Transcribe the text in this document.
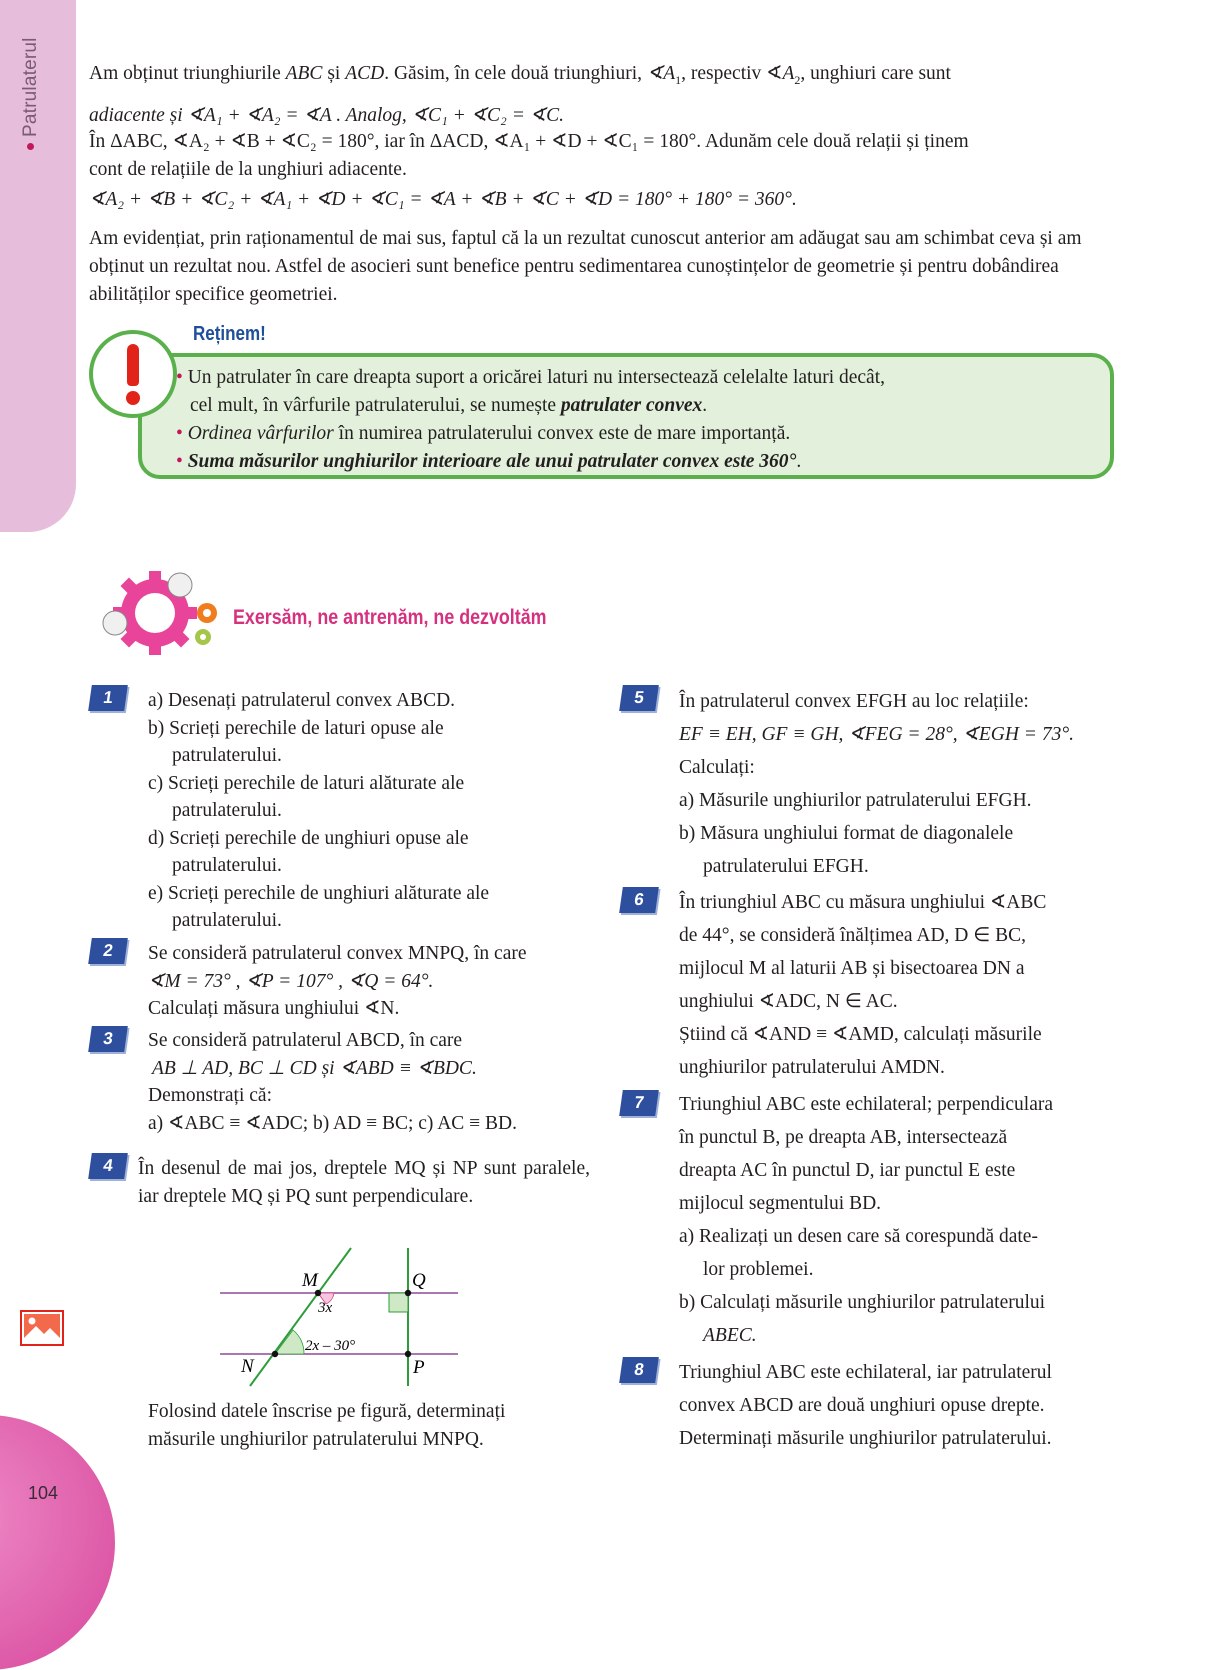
Patrulaterul
104
Am obținut triunghiurile ABC și ACD. Găsim, în cele două triunghiuri, $∢A_1$, respectiv $∢A_2$, unghiuri care sunt
adiacente și ∢A₁ + ∢A₂ = ∢A . Analog, ∢C₁ + ∢C₂ = ∢C.
În ΔABC, ∢A₂ + ∢B + ∢C₂ = 180°, iar în ΔACD, ∢A₁ + ∢D + ∢C₁ = 180°. Adunăm cele două relații și ținem
cont de relațiile de la unghiuri adiacente.
∢A₂ + ∢B + ∢C₂ + ∢A₁ + ∢D + ∢C₁ = ∢A + ∢B + ∢C + ∢D = 180° + 180° = 360°.
Am evidențiat, prin raționamentul de mai sus, faptul că la un rezultat cunoscut anterior am adăugat sau am schimbat ceva și am obținut un rezultat nou. Astfel de asocieri sunt benefice pentru sedimentarea cunoștințelor de geometrie și pentru dobândirea abilităților specifice geometriei.
Reținem!
• Un patrulater în care dreapta suport a oricărei laturi nu intersectează celelalte laturi decât,
cel mult, în vârfurile patrulaterului, se numește patrulater convex.
• Ordinea vârfurilor în numirea patrulaterului convex este de mare importanță.
• Suma măsurilor unghiurilor interioare ale unui patrulater convex este 360°.
Exersăm, ne antrenăm, ne dezvoltăm
1
2
3
4
5
6
7
8
a) Desenați patrulaterul convex ABCD.
b) Scrieți perechile de laturi opuse ale
patrulaterului.
c) Scrieți perechile de laturi alăturate ale
patrulaterului.
d) Scrieți perechile de unghiuri opuse ale
patrulaterului.
e) Scrieți perechile de unghiuri alăturate ale
patrulaterului.
Se consideră patrulaterul convex MNPQ, în care
∢M = 73° , ∢P = 107° , ∢Q = 64°.
Calculați măsura unghiului ∢N.
Se consideră patrulaterul ABCD, în care
AB ⊥ AD, BC ⊥ CD și ∢ABD ≡ ∢BDC.
Demonstrați că:
a) ∢ABC ≡ ∢ADC; b) AD ≡ BC; c) AC ≡ BD.
În desenul de mai jos, dreptele MQ și NP sunt paralele, iar dreptele MQ și PQ sunt perpendiculare.
M	Q
N	P
3x
2x – 30°
Folosind datele înscrise pe figură, determinați
măsurile unghiurilor patrulaterului MNPQ.
În patrulaterul convex EFGH au loc relațiile:
EF ≡ EH, GF ≡ GH, ∢FEG = 28°, ∢EGH = 73°.
Calculați:
a) Măsurile unghiurilor patrulaterului EFGH.
b) Măsura unghiului format de diagonalele
patrulaterului EFGH.
În triunghiul ABC cu măsura unghiului ∢ABC
de 44°, se consideră înălțimea AD, D ∈ BC,
mijlocul M al laturii AB și bisectoarea DN a
unghiului ∢ADC, N ∈ AC.
Știind că ∢AND ≡ ∢AMD, calculați măsurile
unghiurilor patrulaterului AMDN.
Triunghiul ABC este echilateral; perpendiculara
în punctul B, pe dreapta AB, intersectează
dreapta AC în punctul D, iar punctul E este
mijlocul segmentului BD.
a) Realizați un desen care să corespundă date-
lor problemei.
b) Calculați măsurile unghiurilor patrulaterului
ABEC.
Triunghiul ABC este echilateral, iar patrulaterul
convex ABCD are două unghiuri opuse drepte.
Determinați măsurile unghiurilor patrulaterului.
